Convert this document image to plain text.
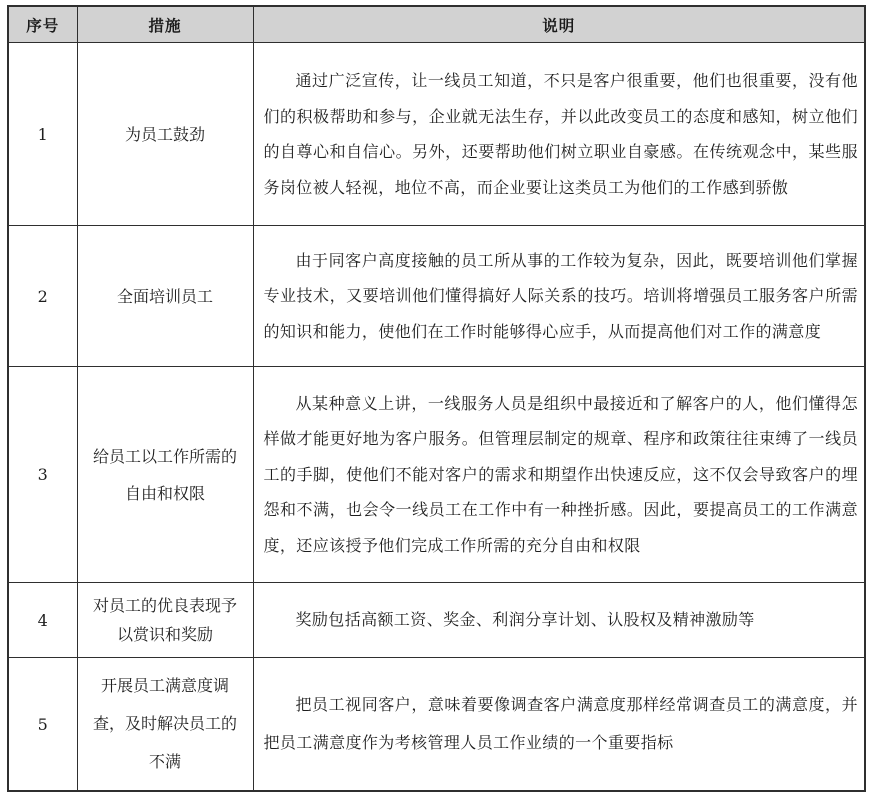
序号	措施	说明
1	为员工鼓劲	通过广泛宣传，让一线员工知道，不只是客户很重要，他们也很重要，没有他们的积极帮助和参与，企业就无法生存，并以此改变员工的态度和感知，树立他们的自尊心和自信心。另外，还要帮助他们树立职业自豪感。在传统观念中，某些服务岗位被人轻视，地位不高，而企业要让这类员工为他们的工作感到骄傲
2	全面培训员工	由于同客户高度接触的员工所从事的工作较为复杂，因此，既要培训他们掌握专业技术，又要培训他们懂得搞好人际关系的技巧。培训将增强员工服务客户所需的知识和能力，使他们在工作时能够得心应手，从而提高他们对工作的满意度
3	给员工以工作所需的自由和权限	从某种意义上讲，一线服务人员是组织中最接近和了解客户的人，他们懂得怎样做才能更好地为客户服务。但管理层制定的规章、程序和政策往往束缚了一线员工的手脚，使他们不能对客户的需求和期望作出快速反应，这不仅会导致客户的埋怨和不满，也会令一线员工在工作中有一种挫折感。因此，要提高员工的工作满意度，还应该授予他们完成工作所需的充分自由和权限
4	对员工的优良表现予以赏识和奖励	奖励包括高额工资、奖金、利润分享计划、认股权及精神激励等
5	开展员工满意度调查，及时解决员工的不满	把员工视同客户，意味着要像调查客户满意度那样经常调查员工的满意度，并把员工满意度作为考核管理人员工作业绩的一个重要指标
